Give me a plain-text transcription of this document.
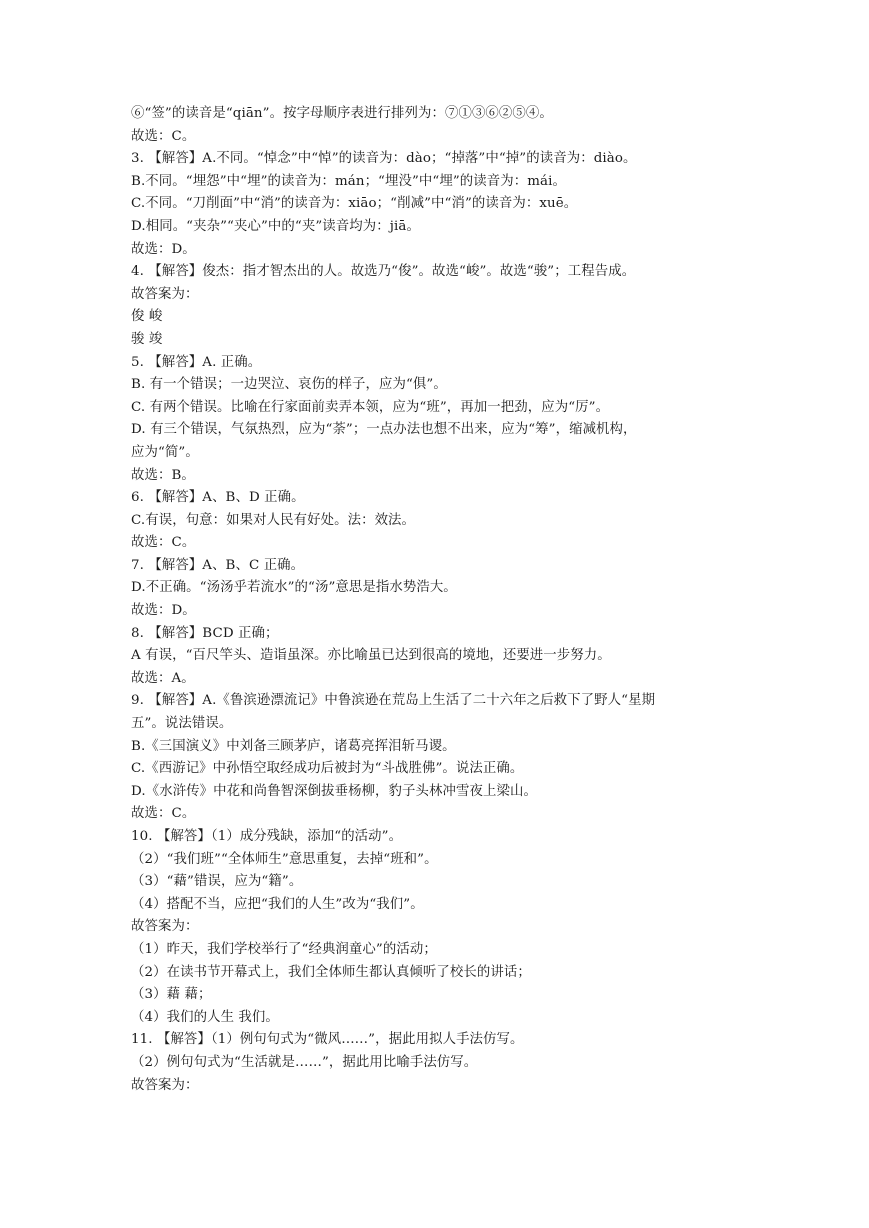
⑥“签”的读音是“qiān”。按字母顺序表进行排列为：⑦①③⑥②⑤④。
故选：C。
3. 【解答】A.不同。“悼念”中“悼”的读音为：dào；“掉落”中“掉”的读音为：diào。
B.不同。“埋怨”中“埋”的读音为：mán；“埋没”中“埋”的读音为：mái。
C.不同。“刀削面”中“消”的读音为：xiāo；“削减”中“消”的读音为：xuē。
D.相同。“夹杂”“夹心”中的“夹”读音均为：jiā。
故选：D。
4. 【解答】俊杰：指才智杰出的人。故选乃“俊”。故选“峻”。故选“骏”；工程告成。
故答案为：
俊 峻
骏 竣
5. 【解答】A. 正确。
B. 有一个错误；一边哭泣、哀伤的样子，应为“俱”。
C. 有两个错误。比喻在行家面前卖弄本领，应为“班”，再加一把劲，应为“厉”。
D. 有三个错误，气氛热烈，应为“荼”；一点办法也想不出来，应为“筹”，缩减机构，
应为“简”。
故选：B。
6. 【解答】A、B、D 正确。
C.有误，句意：如果对人民有好处。法：效法。
故选：C。
7. 【解答】A、B、C 正确。
D.不正确。“汤汤乎若流水”的“汤”意思是指水势浩大。
故选：D。
8. 【解答】BCD 正确；
A 有误，“百尺竿头、造诣虽深。亦比喻虽已达到很高的境地，还要进一步努力。
故选：A。
9. 【解答】A.《鲁滨逊漂流记》中鲁滨逊在荒岛上生活了二十六年之后救下了野人“星期
五”。说法错误。
B.《三国演义》中刘备三顾茅庐，诸葛亮挥泪斩马谡。
C.《西游记》中孙悟空取经成功后被封为“斗战胜佛”。说法正确。
D.《水浒传》中花和尚鲁智深倒拔垂杨柳，豹子头林冲雪夜上梁山。
故选：C。
10. 【解答】（1）成分残缺，添加“的活动”。
（2）“我们班”“全体师生”意思重复，去掉“班和”。
（3）“藉”错误，应为“籍”。
（4）搭配不当，应把“我们的人生”改为“我们”。
故答案为：
（1）昨天，我们学校举行了“经典润童心”的活动；
（2）在读书节开幕式上，我们全体师生都认真倾听了校长的讲话；
（3）藉 藉；
（4）我们的人生 我们。
11. 【解答】（1）例句句式为“微风……”，据此用拟人手法仿写。
（2）例句句式为“生活就是……”，据此用比喻手法仿写。
故答案为：
